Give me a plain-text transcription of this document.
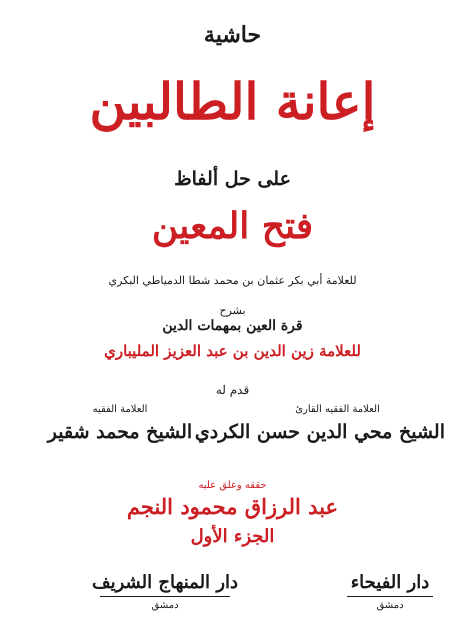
حاشية
إعانة الطالبين
على حل ألفاظ
فتح المعين
للعلامة أبي بكر عثمان بن محمد شطا الدمياطي البكري
بشرح
قرة العين بمهمات الدين
للعلامة زين الدين بن عبد العزيز المليباري
قدم له
العلامة الفقيه القارئ
الشيخ محي الدين حسن الكردي
العلامة الفقيه
الشيخ محمد شقير
حققه وعلق عليه
عبد الرزاق محمود النجم
الجزء الأول
دار المنهاج الشريف
دمشق
دار الفيحاء
دمشق
